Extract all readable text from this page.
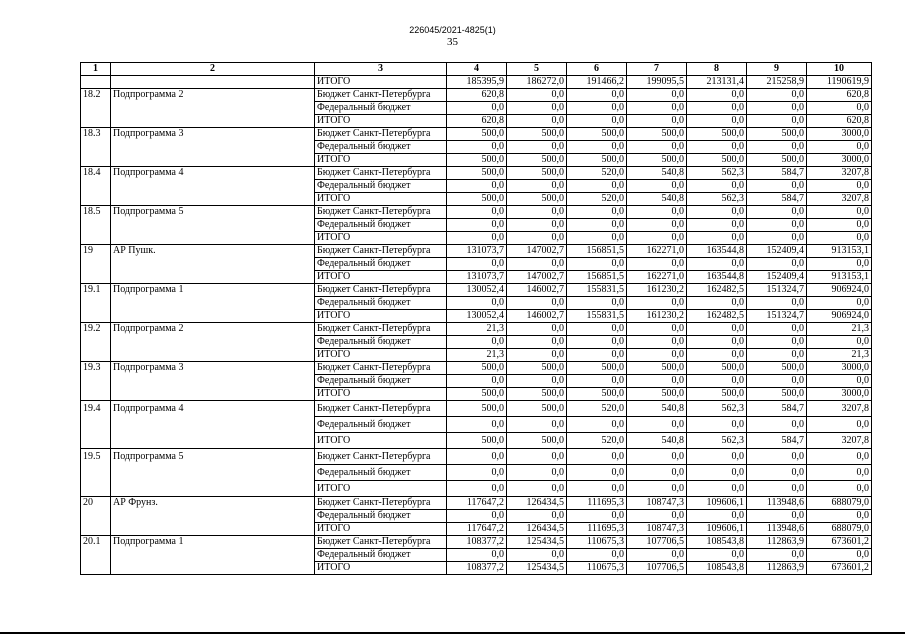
226045/2021-4825(1)
35
1	2	3	4	5	6	7	8	9	10
		ИТОГО	185395,9	186272,0	191466,2	199095,5	213131,4	215258,9	1190619,9
18.2	Подпрограмма 2	Бюджет Санкт-Петербурга	620,8	0,0	0,0	0,0	0,0	0,0	620,8
		Федеральный бюджет	0,0	0,0	0,0	0,0	0,0	0,0	0,0
		ИТОГО	620,8	0,0	0,0	0,0	0,0	0,0	620,8
18.3	Подпрограмма 3	Бюджет Санкт-Петербурга	500,0	500,0	500,0	500,0	500,0	500,0	3000,0
		Федеральный бюджет	0,0	0,0	0,0	0,0	0,0	0,0	0,0
		ИТОГО	500,0	500,0	500,0	500,0	500,0	500,0	3000,0
18.4	Подпрограмма 4	Бюджет Санкт-Петербурга	500,0	500,0	520,0	540,8	562,3	584,7	3207,8
		Федеральный бюджет	0,0	0,0	0,0	0,0	0,0	0,0	0,0
		ИТОГО	500,0	500,0	520,0	540,8	562,3	584,7	3207,8
18.5	Подпрограмма 5	Бюджет Санкт-Петербурга	0,0	0,0	0,0	0,0	0,0	0,0	0,0
		Федеральный бюджет	0,0	0,0	0,0	0,0	0,0	0,0	0,0
		ИТОГО	0,0	0,0	0,0	0,0	0,0	0,0	0,0
19	АР Пушк.	Бюджет Санкт-Петербурга	131073,7	147002,7	156851,5	162271,0	163544,8	152409,4	913153,1
		Федеральный бюджет	0,0	0,0	0,0	0,0	0,0	0,0	0,0
		ИТОГО	131073,7	147002,7	156851,5	162271,0	163544,8	152409,4	913153,1
19.1	Подпрограмма 1	Бюджет Санкт-Петербурга	130052,4	146002,7	155831,5	161230,2	162482,5	151324,7	906924,0
		Федеральный бюджет	0,0	0,0	0,0	0,0	0,0	0,0	0,0
		ИТОГО	130052,4	146002,7	155831,5	161230,2	162482,5	151324,7	906924,0
19.2	Подпрограмма 2	Бюджет Санкт-Петербурга	21,3	0,0	0,0	0,0	0,0	0,0	21,3
		Федеральный бюджет	0,0	0,0	0,0	0,0	0,0	0,0	0,0
		ИТОГО	21,3	0,0	0,0	0,0	0,0	0,0	21,3
19.3	Подпрограмма 3	Бюджет Санкт-Петербурга	500,0	500,0	500,0	500,0	500,0	500,0	3000,0
		Федеральный бюджет	0,0	0,0	0,0	0,0	0,0	0,0	0,0
		ИТОГО	500,0	500,0	500,0	500,0	500,0	500,0	3000,0
19.4	Подпрограмма 4	Бюджет Санкт-Петербурга	500,0	500,0	520,0	540,8	562,3	584,7	3207,8
		Федеральный бюджет	0,0	0,0	0,0	0,0	0,0	0,0	0,0
		ИТОГО	500,0	500,0	520,0	540,8	562,3	584,7	3207,8
19.5	Подпрограмма 5	Бюджет Санкт-Петербурга	0,0	0,0	0,0	0,0	0,0	0,0	0,0
		Федеральный бюджет	0,0	0,0	0,0	0,0	0,0	0,0	0,0
		ИТОГО	0,0	0,0	0,0	0,0	0,0	0,0	0,0
20	АР Фрунз.	Бюджет Санкт-Петербурга	117647,2	126434,5	111695,3	108747,3	109606,1	113948,6	688079,0
		Федеральный бюджет	0,0	0,0	0,0	0,0	0,0	0,0	0,0
		ИТОГО	117647,2	126434,5	111695,3	108747,3	109606,1	113948,6	688079,0
20.1	Подпрограмма 1	Бюджет Санкт-Петербурга	108377,2	125434,5	110675,3	107706,5	108543,8	112863,9	673601,2
		Федеральный бюджет	0,0	0,0	0,0	0,0	0,0	0,0	0,0
		ИТОГО	108377,2	125434,5	110675,3	107706,5	108543,8	112863,9	673601,2
